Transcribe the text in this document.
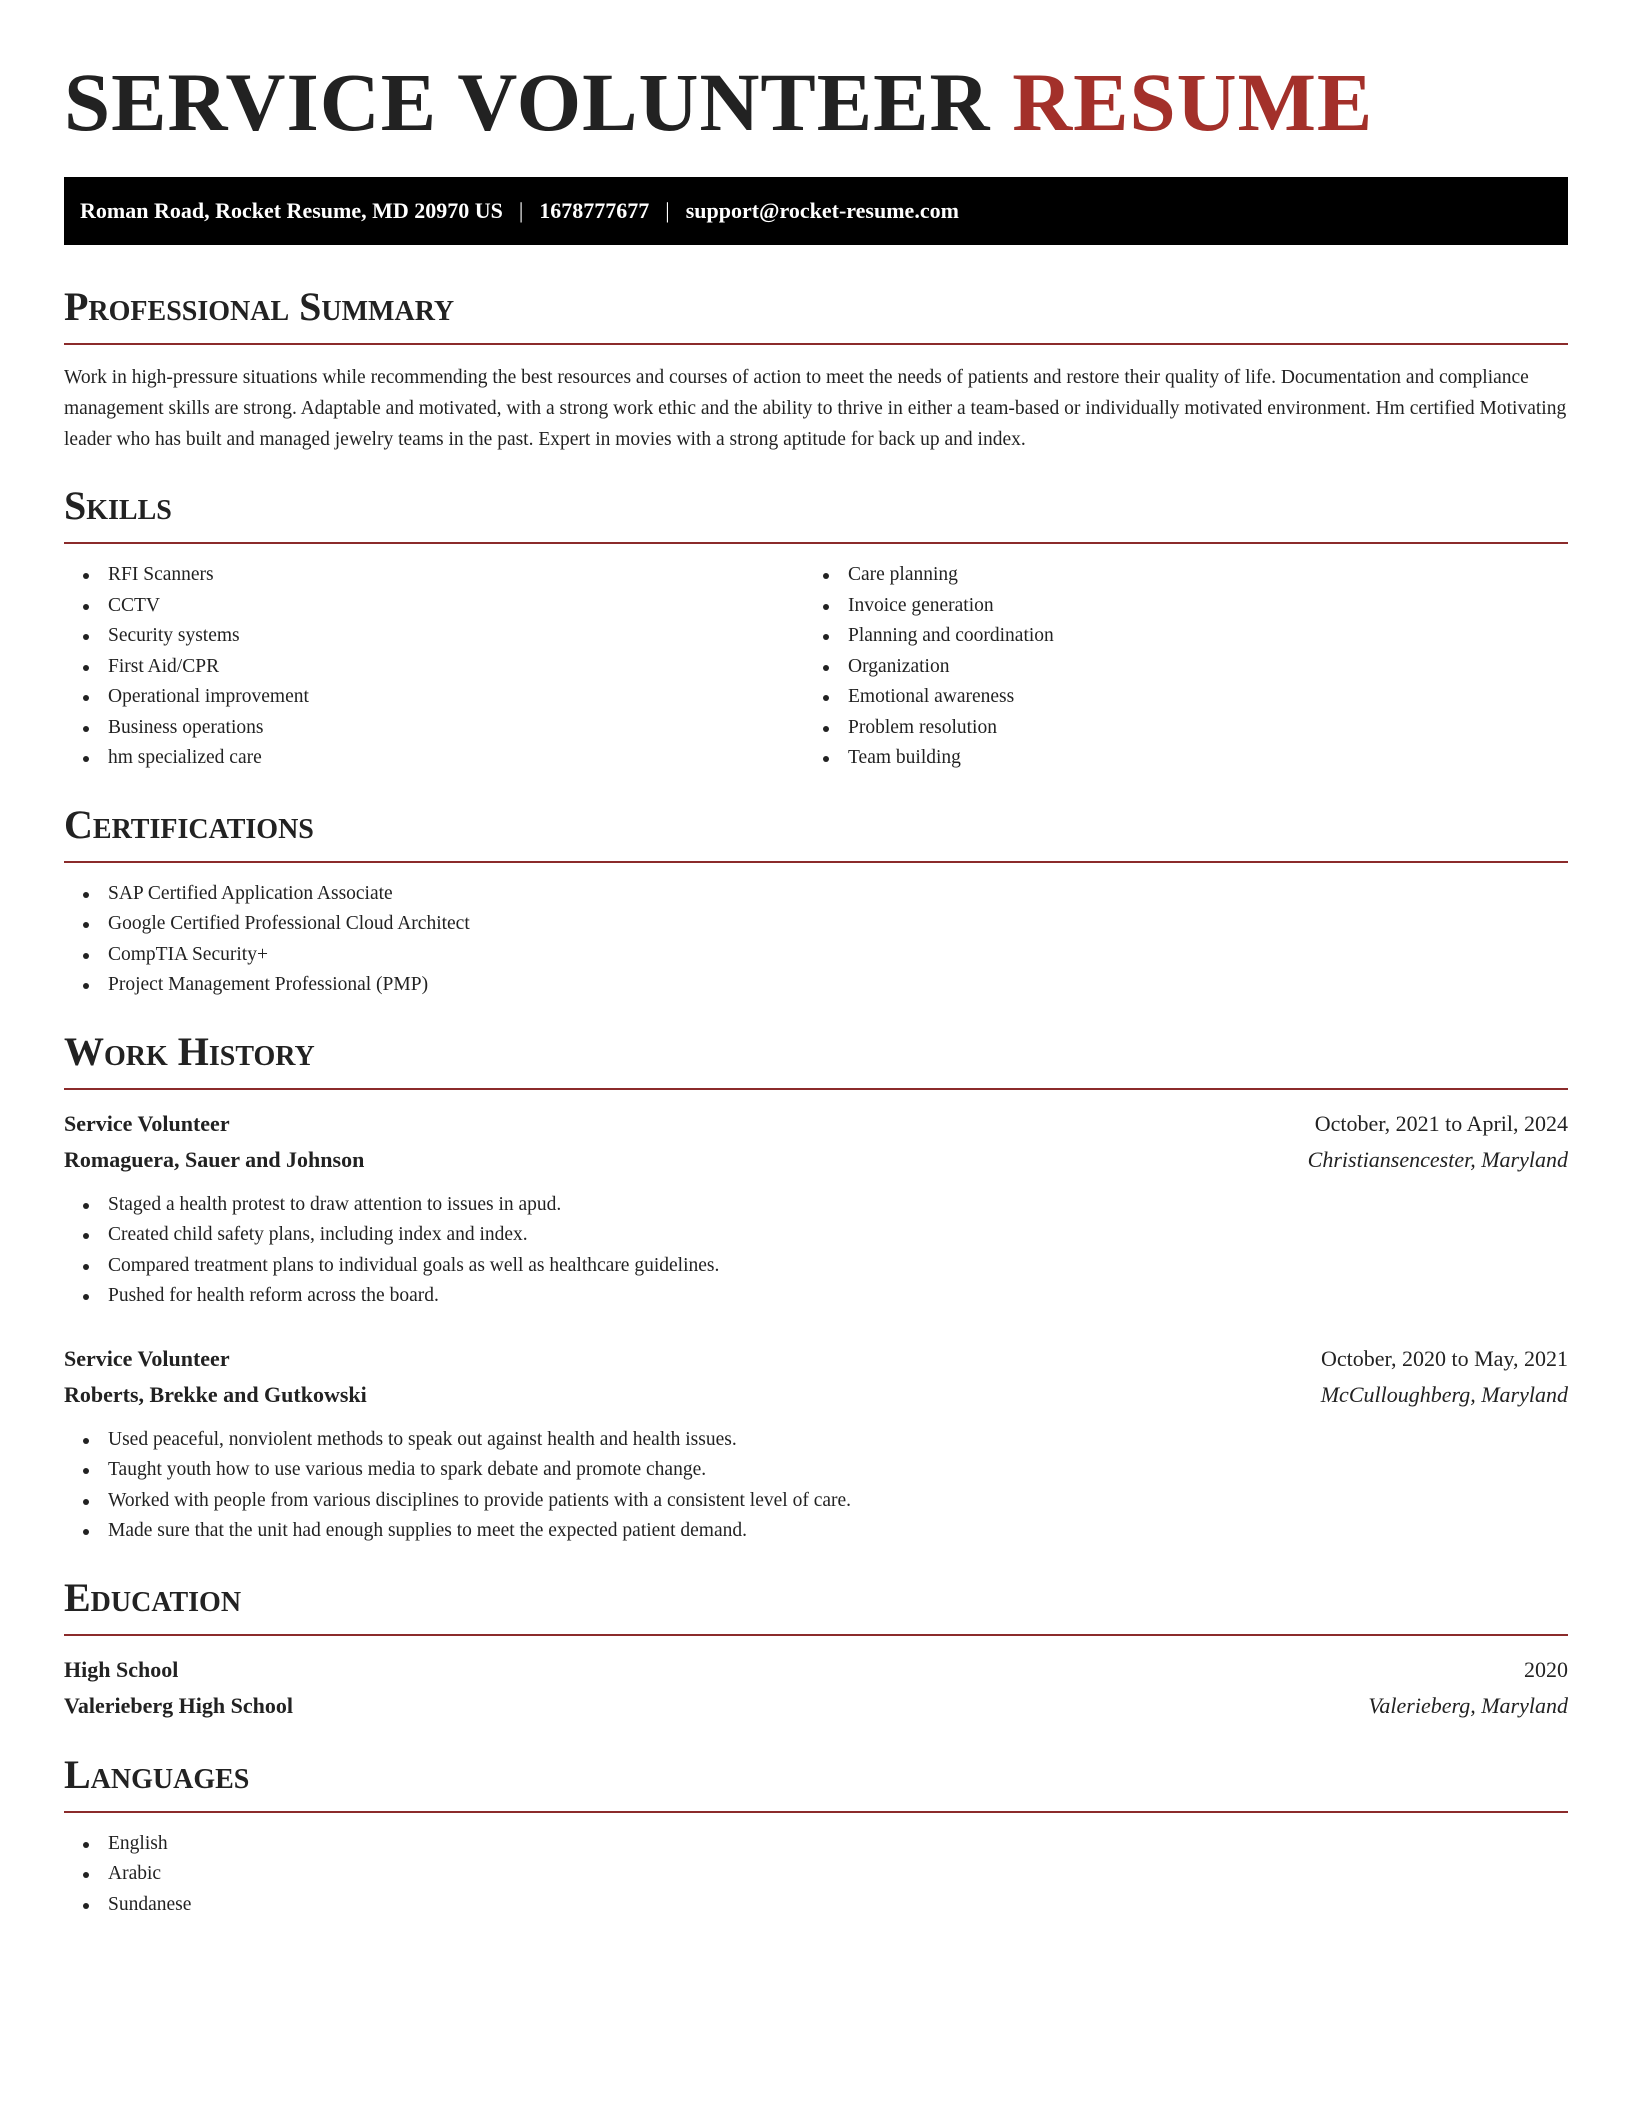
SERVICE VOLUNTEER RESUME
Roman Road, Rocket Resume, MD 20970 US | 1678777677 | support@rocket-resume.com
Professional Summary

Work in high-pressure situations while recommending the best resources and courses of action to meet the needs of patients and restore their quality of life. Documentation and compliance management skills are strong. Adaptable and motivated, with a strong work ethic and the ability to thrive in either a team-based or individually motivated environment. Hm certified Motivating leader who has built and managed jewelry teams in the past. Expert in movies with a strong aptitude for back up and index.

Skills
RFI Scanners
CCTV
Security systems
First Aid/CPR
Operational improvement
Business operations
hm specialized care
Care planning
Invoice generation
Planning and coordination
Organization
Emotional awareness
Problem resolution
Team building
Certifications
SAP Certified Application Associate
Google Certified Professional Cloud Architect
CompTIA Security+
Project Management Professional (PMP)
Work History
Service Volunteer	October, 2021 to April, 2024
Romaguera, Sauer and Johnson	Christiansencester, Maryland
Staged a health protest to draw attention to issues in apud.
Created child safety plans, including index and index.
Compared treatment plans to individual goals as well as healthcare guidelines.
Pushed for health reform across the board.
Service Volunteer	October, 2020 to May, 2021
Roberts, Brekke and Gutkowski	McCulloughberg, Maryland
Used peaceful, nonviolent methods to speak out against health and health issues.
Taught youth how to use various media to spark debate and promote change.
Worked with people from various disciplines to provide patients with a consistent level of care.
Made sure that the unit had enough supplies to meet the expected patient demand.
Education
High School	2020
Valerieberg High School	Valerieberg, Maryland
Languages
English
Arabic
Sundanese
